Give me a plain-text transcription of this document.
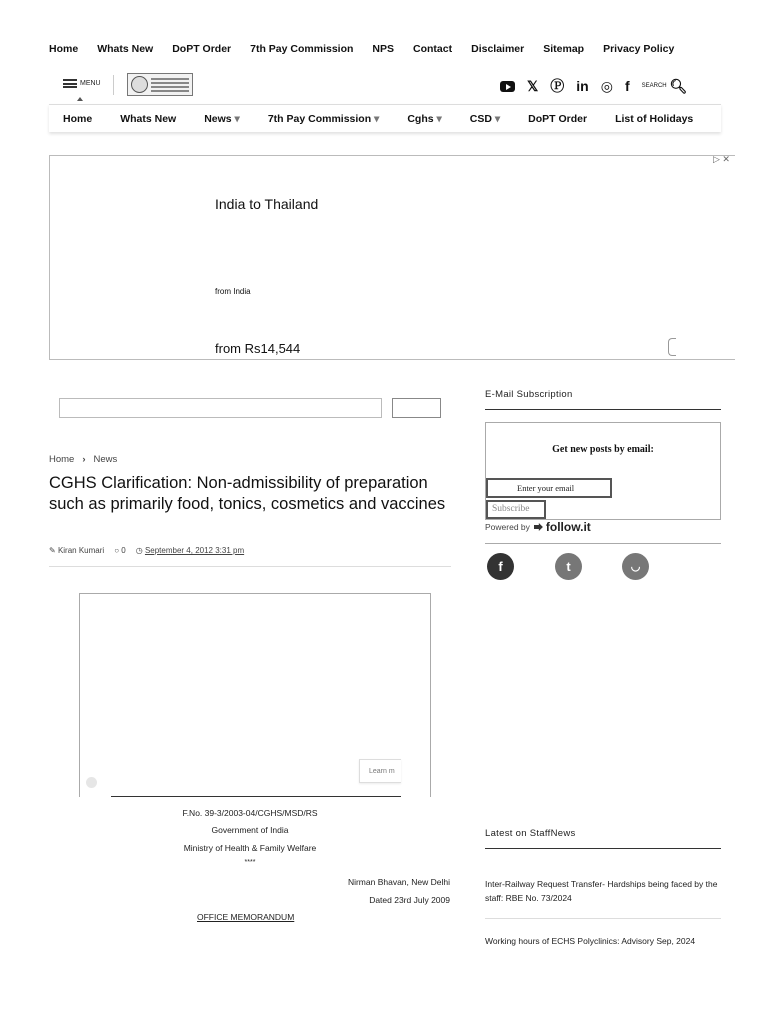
Home Whats New DoPT Order 7th Pay Commission NPS Contact Disclaimer Sitemap Privacy Policy
MENU	𝕏 Ⓟ in ◎ f SEARCH 🔍︎
Home	Whats New	News ▾	7th Pay Commission ▾	Cghs ▾	CSD ▾	DoPT Order	List of Holidays
▷ ✕
India to Thailand
from India
from Rs14,544
Home › News
CGHS Clarification: Non-admissibility of preparation such as primarily food, tonics, cosmetics and vaccines
✎ Kiran Kumari ○ 0 ◷ September 4, 2012 3:31 pm
Learn m
F.No. 39-3/2003-04/CGHS/MSD/RS
Government of India
Ministry of Health & Family Welfare
****
Nirman Bhavan, New Delhi
Dated 23rd July 2009
OFFICE MEMORANDUM
E-Mail Subscription
Get new posts by email:
Enter your email
Subscribe
Powered by follow.it
f	t	◡
Latest on StaffNews
Inter-Railway Request Transfer- Hardships being faced by the staff: RBE No. 73/2024
Working hours of ECHS Polyclinics: Advisory Sep, 2024
